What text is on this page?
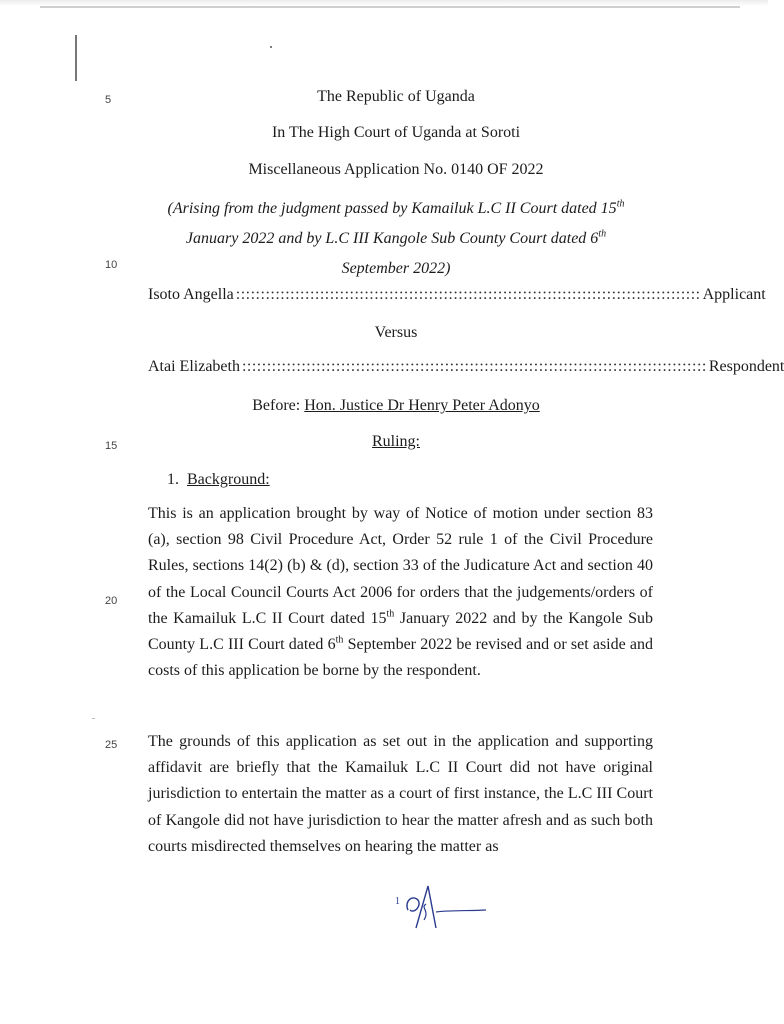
5
10
15
20
25
The Republic of Uganda
In The High Court of Uganda at Soroti
Miscellaneous Application No. 0140 OF 2022
(Arising from the judgment passed by Kamailuk L.C II Court dated 15th
January 2022 and by L.C III Kangole Sub County Court dated 6th
September 2022)
Isoto Angella :::::::::::::::::::::::::::::::::::::::::::::::::::::::::::::::::::::::::::::::::::::::::::::: Applicant
Versus
Atai Elizabeth :::::::::::::::::::::::::::::::::::::::::::::::::::::::::::::::::::::::::::::::::::::::::::::: Respondent
Before: Hon. Justice Dr Henry Peter Adonyo
Ruling:
1. Background:

This is an application brought by way of Notice of motion under section 83 (a), section 98 Civil Procedure Act, Order 52 rule 1 of the Civil Procedure Rules, sections 14(2) (b) & (d), section 33 of the Judicature Act and section 40 of the Local Council Courts Act 2006 for orders that the judgements/orders of the Kamailuk L.C II Court dated 15th January 2022 and by the Kangole Sub County L.C III Court dated 6th September 2022 be revised and or set aside and costs of this application be borne by the respondent.

The grounds of this application as set out in the application and supporting affidavit are briefly that the Kamailuk L.C II Court did not have original jurisdiction to entertain the matter as a court of first instance, the L.C III Court of Kangole did not have jurisdiction to hear the matter afresh and as such both courts misdirected themselves on hearing the matter as

1
